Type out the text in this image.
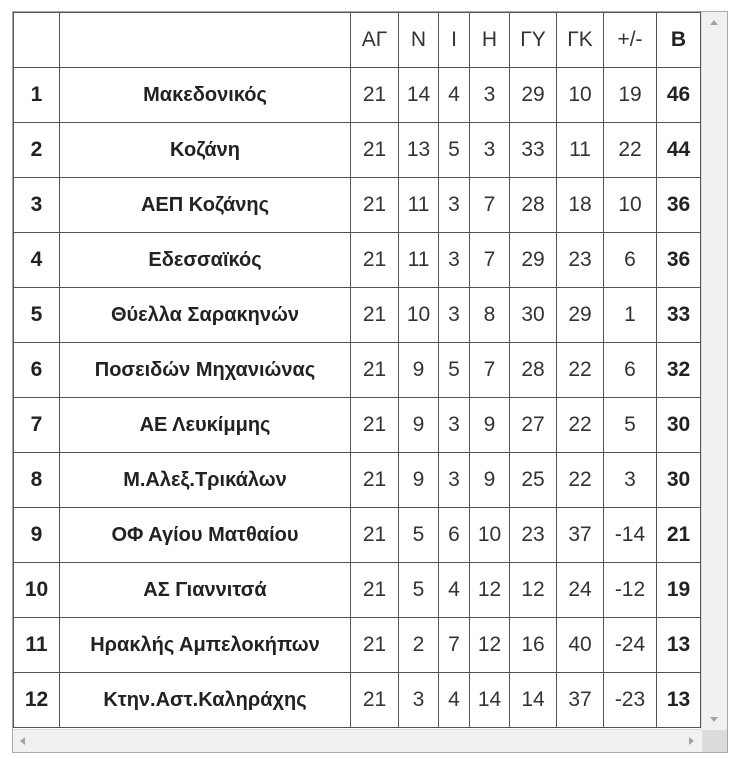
		ΑΓ	Ν	Ι	Η	ΓΥ	ΓΚ	+/-	Β
1	Μακεδονικός	21	14	4	3	29	10	19	46
2	Κοζάνη	21	13	5	3	33	11	22	44
3	ΑΕΠ Κοζάνης	21	11	3	7	28	18	10	36
4	Εδεσσαϊκός	21	11	3	7	29	23	6	36
5	Θύελλα Σαρακηνών	21	10	3	8	30	29	1	33
6	Ποσειδών Μηχανιώνας	21	9	5	7	28	22	6	32
7	ΑΕ Λευκίμμης	21	9	3	9	27	22	5	30
8	Μ.Αλεξ.Τρικάλων	21	9	3	9	25	22	3	30
9	ΟΦ Αγίου Ματθαίου	21	5	6	10	23	37	-14	21
10	ΑΣ Γιαννιτσά	21	5	4	12	12	24	-12	19
11	Ηρακλής Αμπελοκήπων	21	2	7	12	16	40	-24	13
12	Κτην.Αστ.Καληράχης	21	3	4	14	14	37	-23	13
